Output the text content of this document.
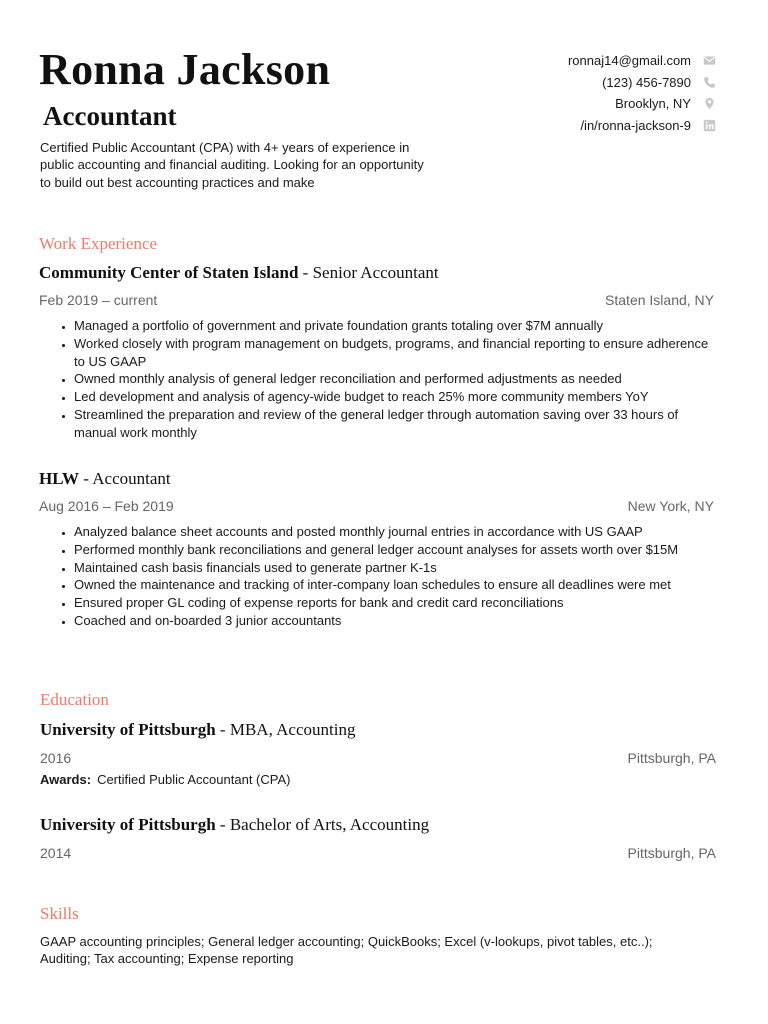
Ronna Jackson
Accountant
Certified Public Accountant (CPA) with 4+ years of experience in public accounting and financial auditing. Looking for an opportunity to build out best accounting practices and make
ronnaj14@gmail.com
(123) 456-7890
Brooklyn, NY
/in/ronna-jackson-9
Work Experience
Community Center of Staten Island - Senior Accountant
Feb 2019 – current	Staten Island, NY
• Managed a portfolio of government and private foundation grants totaling over $7M annually
• Worked closely with program management on budgets, programs, and financial reporting to ensure adherence to US GAAP
• Owned monthly analysis of general ledger reconciliation and performed adjustments as needed
• Led development and analysis of agency-wide budget to reach 25% more community members YoY
• Streamlined the preparation and review of the general ledger through automation saving over 33 hours of manual work monthly
HLW - Accountant
Aug 2016 – Feb 2019	New York, NY
• Analyzed balance sheet accounts and posted monthly journal entries in accordance with US GAAP
• Performed monthly bank reconciliations and general ledger account analyses for assets worth over $15M
• Maintained cash basis financials used to generate partner K-1s
• Owned the maintenance and tracking of inter-company loan schedules to ensure all deadlines were met
• Ensured proper GL coding of expense reports for bank and credit card reconciliations
• Coached and on-boarded 3 junior accountants
Education
University of Pittsburgh - MBA, Accounting
2016	Pittsburgh, PA
Awards: Certified Public Accountant (CPA)
University of Pittsburgh - Bachelor of Arts, Accounting
2014	Pittsburgh, PA
Skills
GAAP accounting principles; General ledger accounting; QuickBooks; Excel (v-lookups, pivot tables, etc..); Auditing; Tax accounting; Expense reporting
